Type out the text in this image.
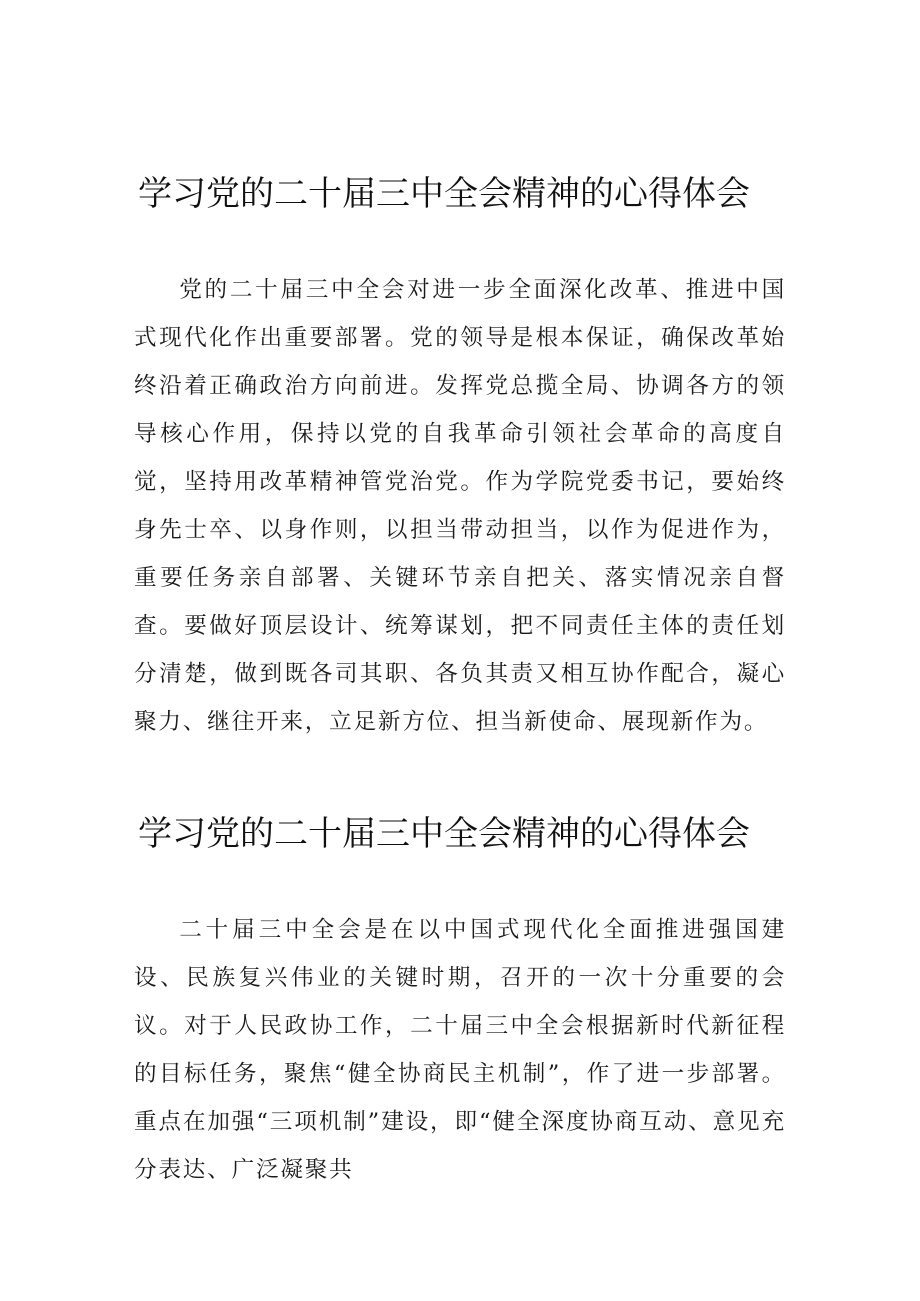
学习党的二十届三中全会精神的心得体会

党的二十届三中全会对进一步全面深化改革、推进中国式现代化作出重要部署。党的领导是根本保证，确保改革始终沿着正确政治方向前进。发挥党总揽全局、协调各方的领导核心作用，保持以党的自我革命引领社会革命的高度自觉，坚持用改革精神管党治党。作为学院党委书记，要始终身先士卒、以身作则，以担当带动担当，以作为促进作为，重要任务亲自部署、关键环节亲自把关、落实情况亲自督查。要做好顶层设计、统筹谋划，把不同责任主体的责任划分清楚，做到既各司其职、各负其责又相互协作配合，凝心聚力、继往开来，立足新方位、担当新使命、展现新作为。

学习党的二十届三中全会精神的心得体会

二十届三中全会是在以中国式现代化全面推进强国建设、民族复兴伟业的关键时期，召开的一次十分重要的会议。对于人民政协工作，二十届三中全会根据新时代新征程的目标任务，聚焦“健全协商民主机制”，作了进一步部署。重点在加强“三项机制”建设，即“健全深度协商互动、意见充分表达、广泛凝聚共
